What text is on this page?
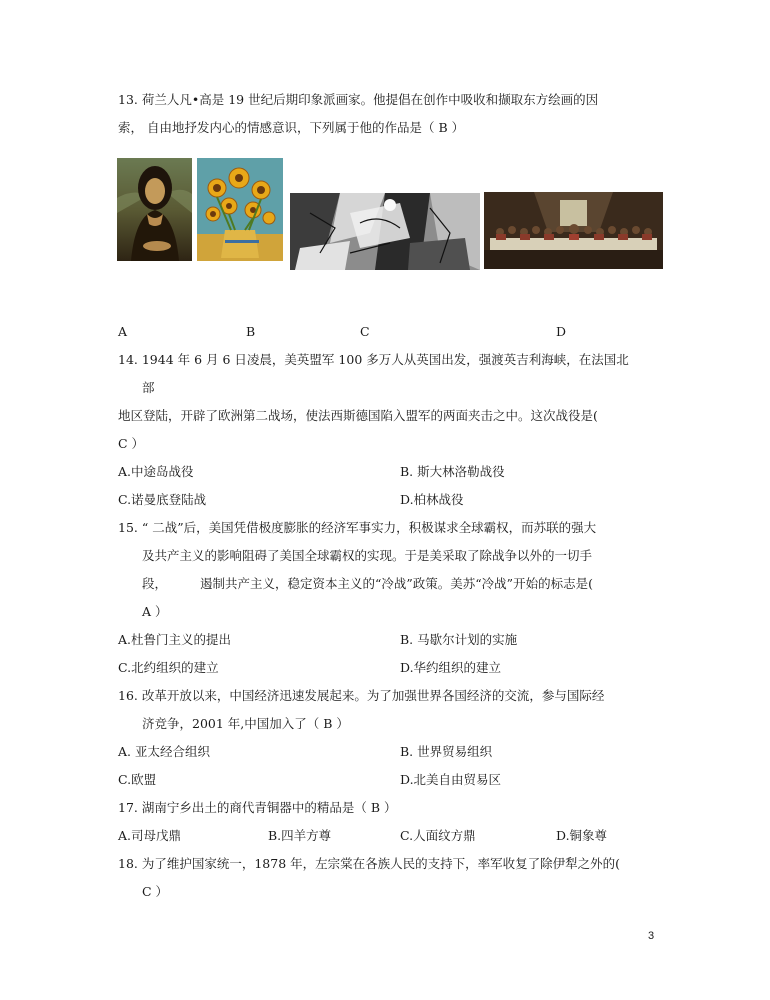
13. 荷兰人凡•高是 19 世纪后期印象派画家。他提倡在创作中吸收和撷取东方绘画的因
索， 自由地抒发内心的情感意识，下列属于他的作品是（ B ）
A	B	C	D
14. 1944 年 6 月 6 日凌晨，美英盟军 100 多万人从英国出发，强渡英吉利海峡，在法国北
部
地区登陆，开辟了欧洲第二战场，使法西斯德国陷入盟军的两面夹击之中。这次战役是(
C ）
A.中途岛战役	B. 斯大林洛勒战役
C.诺曼底登陆战	D.柏林战役
15. “ 二战”后，美国凭借极度膨胀的经济军事实力，积极谋求全球霸权，而苏联的强大
及共产主义的影响阻碍了美国全球霸权的实现。于是美采取了除战争以外的一切手
段，	遏制共产主义，稳定资本主义的“冷战”政策。美苏“冷战”开始的标志是(
A ）
A.杜鲁门主义的提出	B. 马歇尔计划的实施
C.北约组织的建立	D.华约组织的建立
16. 改革开放以来，中国经济迅速发展起来。为了加强世界各国经济的交流，参与国际经
济竞争，2001 年,中国加入了（ B ）
A. 亚太经合组织	B. 世界贸易组织
C.欧盟	D.北美自由贸易区
17. 湖南宁乡出土的商代青铜器中的精品是（ B ）
A.司母戊鼎	B.四羊方尊	C.人面纹方鼎	D.铜象尊
18. 为了维护国家统一，1878 年，左宗棠在各族人民的支持下，率军收复了除伊犁之外的(
C ）
3
